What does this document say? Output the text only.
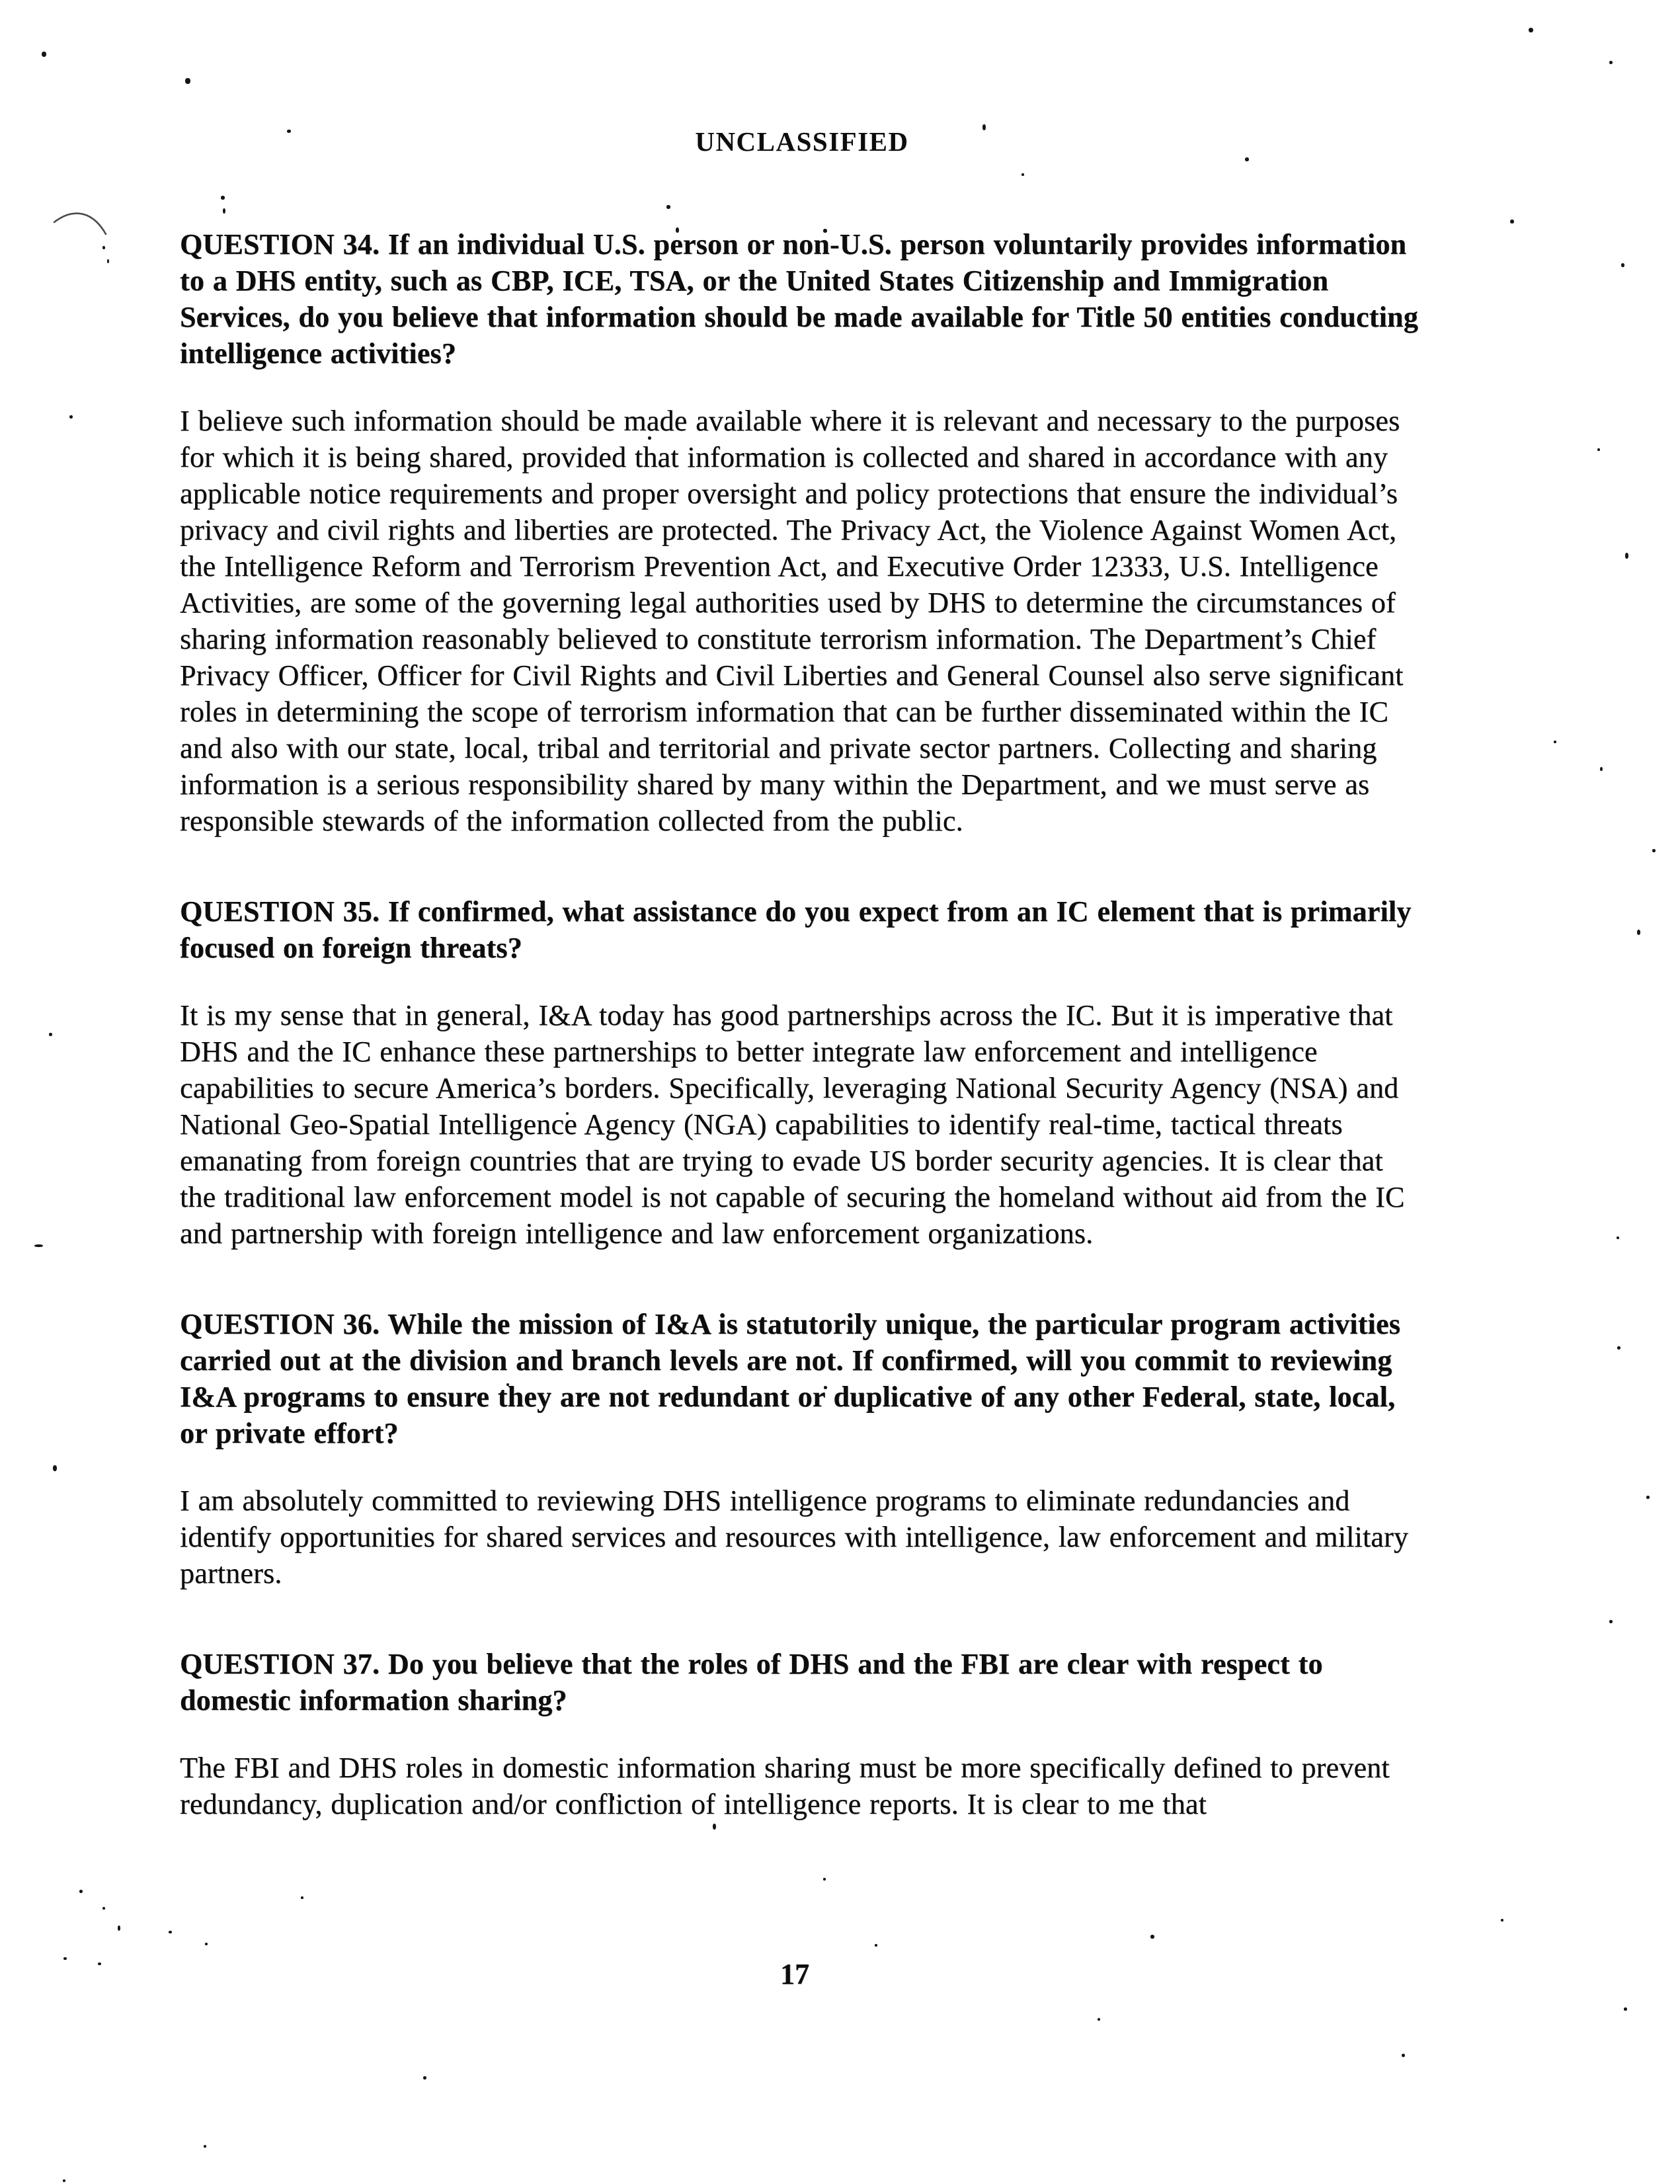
UNCLASSIFIED

QUESTION 34. If an individual U.S. person or non-U.S. person voluntarily provides information to a DHS entity, such as CBP, ICE, TSA, or the United States Citizenship and Immigration Services, do you believe that information should be made available for Title 50 entities conducting intelligence activities?

I believe such information should be made available where it is relevant and necessary to the purposes for which it is being shared, provided that information is collected and shared in accordance with any applicable notice requirements and proper oversight and policy protections that ensure the individual’s privacy and civil rights and liberties are protected. The Privacy Act, the Violence Against Women Act, the Intelligence Reform and Terrorism Prevention Act, and Executive Order 12333, U.S. Intelligence Activities, are some of the governing legal authorities used by DHS to determine the circumstances of sharing information reasonably believed to constitute terrorism information. The Department’s Chief Privacy Officer, Officer for Civil Rights and Civil Liberties and General Counsel also serve significant roles in determining the scope of terrorism information that can be further disseminated within the IC and also with our state, local, tribal and territorial and private sector partners. Collecting and sharing information is a serious responsibility shared by many within the Department, and we must serve as responsible stewards of the information collected from the public.

QUESTION 35. If confirmed, what assistance do you expect from an IC element that is primarily focused on foreign threats?

It is my sense that in general, I&A today has good partnerships across the IC. But it is imperative that DHS and the IC enhance these partnerships to better integrate law enforcement and intelligence capabilities to secure America’s borders. Specifically, leveraging National Security Agency (NSA) and National Geo-Spatial Intelligence Agency (NGA) capabilities to identify real-time, tactical threats emanating from foreign countries that are trying to evade US border security agencies. It is clear that the traditional law enforcement model is not capable of securing the homeland without aid from the IC and partnership with foreign intelligence and law enforcement organizations.

QUESTION 36. While the mission of I&A is statutorily unique, the particular program activities carried out at the division and branch levels are not. If confirmed, will you commit to reviewing I&A programs to ensure they are not redundant or duplicative of any other Federal, state, local, or private effort?

I am absolutely committed to reviewing DHS intelligence programs to eliminate redundancies and identify opportunities for shared services and resources with intelligence, law enforcement and military partners.

QUESTION 37. Do you believe that the roles of DHS and the FBI are clear with respect to domestic information sharing?

The FBI and DHS roles in domestic information sharing must be more specifically defined to prevent redundancy, duplication and/or confliction of intelligence reports. It is clear to me that

17
